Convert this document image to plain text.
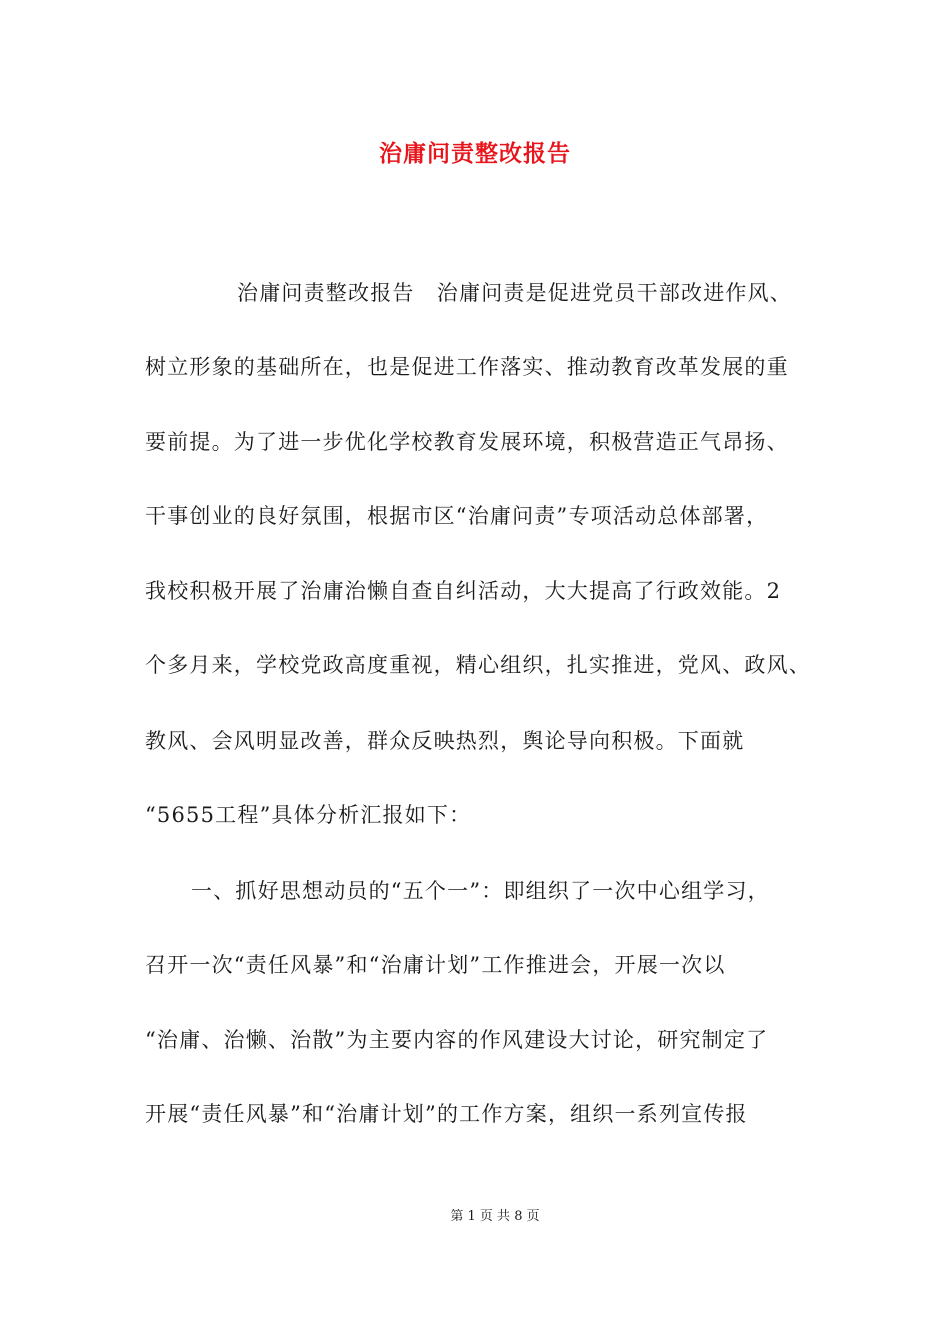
治庸问责整改报告
治庸问责整改报告　治庸问责是促进党员干部改进作风、
树立形象的基础所在，也是促进工作落实、推动教育改革发展的重
要前提。为了进一步优化学校教育发展环境，积极营造正气昂扬、
干事创业的良好氛围，根据市区“治庸问责”专项活动总体部署，
我校积极开展了治庸治懒自查自纠活动，大大提高了行政效能。2
个多月来，学校党政高度重视，精心组织，扎实推进，党风、政风、
教风、会风明显改善，群众反映热烈，舆论导向积极。下面就
“5655工程”具体分析汇报如下：
一、抓好思想动员的“五个一”：即组织了一次中心组学习，
召开一次“责任风暴”和“治庸计划”工作推进会，开展一次以
“治庸、治懒、治散”为主要内容的作风建设大讨论，研究制定了
开展“责任风暴”和“治庸计划”的工作方案，组织一系列宣传报
第 1 页 共 8 页
